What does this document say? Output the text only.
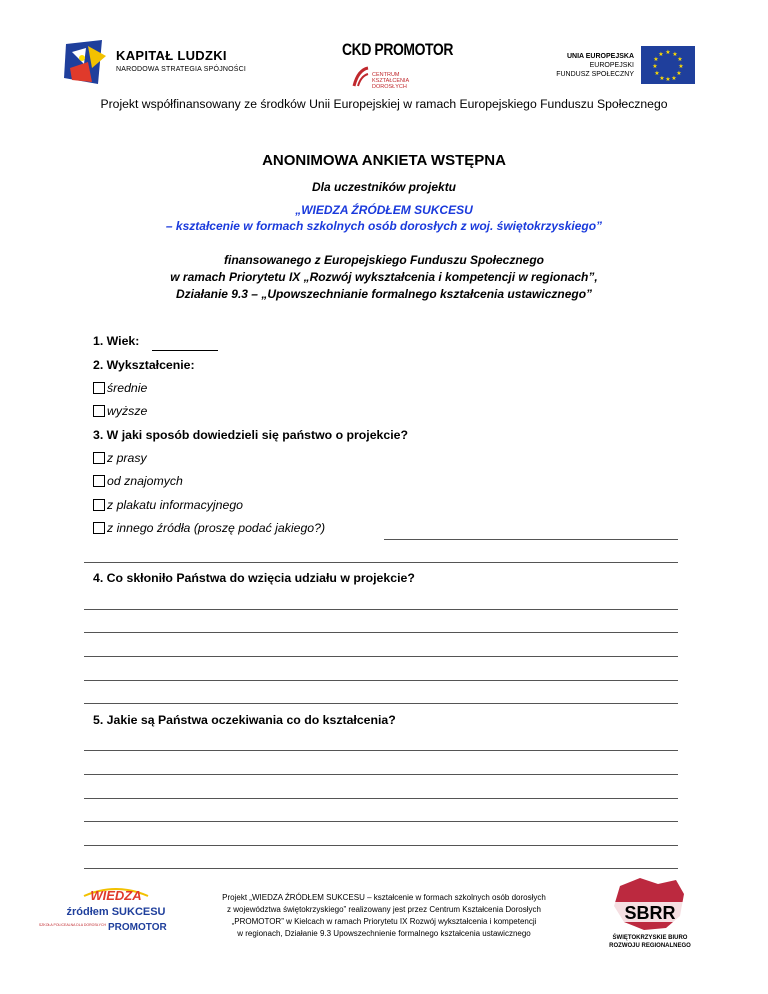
KAPITAŁ LUDZKI
NARODOWA STRATEGIA SPÓJNOŚCI
CKD PROMOTOR
CENTRUM KSZTAŁCENIA DOROSŁYCH
UNIA EUROPEJSKA
EUROPEJSKI
FUNDUSZ SPOŁECZNY
★ ★
★
★
★
★
★
★
★
★
★
★
Projekt współfinansowany ze środków Unii Europejskiej w ramach Europejskiego Funduszu Społecznego
ANONIMOWA ANKIETA WSTĘPNA
Dla uczestników projektu
„WIEDZA ŹRÓDŁEM SUKCESU
– kształcenie w formach szkolnych osób dorosłych z woj. świętokrzyskiego”
finansowanego z Europejskiego Funduszu Społecznego
w ramach Priorytetu IX „Rozwój wykształcenia i kompetencji w regionach”,
Działanie 9.3 – „Upowszechnianie formalnego kształcenia ustawicznego”
1. Wiek:
2. Wykształcenie:
średnie
wyższe
3. W jaki sposób dowiedzieli się państwo o projekcie?
z prasy
od znajomych
z plakatu informacyjnego
z innego źródła (proszę podać jakiego?)
4. Co skłoniło Państwa do wzięcia udziału w projekcie?
5. Jakie są Państwa oczekiwania co do kształcenia?
WIEDZA
źródłem SUKCESU
SZKOŁA POLICEALNA DLA DOROSŁYCH PROMOTOR
Projekt „WIEDZA ŹRÓDŁEM SUKCESU – kształcenie w formach szkolnych osób dorosłych
z województwa świętokrzyskiego” realizowany jest przez Centrum Kształcenia Dorosłych
„PROMOTOR” w Kielcach w ramach Priorytetu IX Rozwój wykształcenia i kompetencji
w regionach, Działanie 9.3 Upowszechnienie formalnego kształcenia ustawicznego
SBRR
ŚWIĘTOKRZYSKIE BIURO
ROZWOJU REGIONALNEGO
